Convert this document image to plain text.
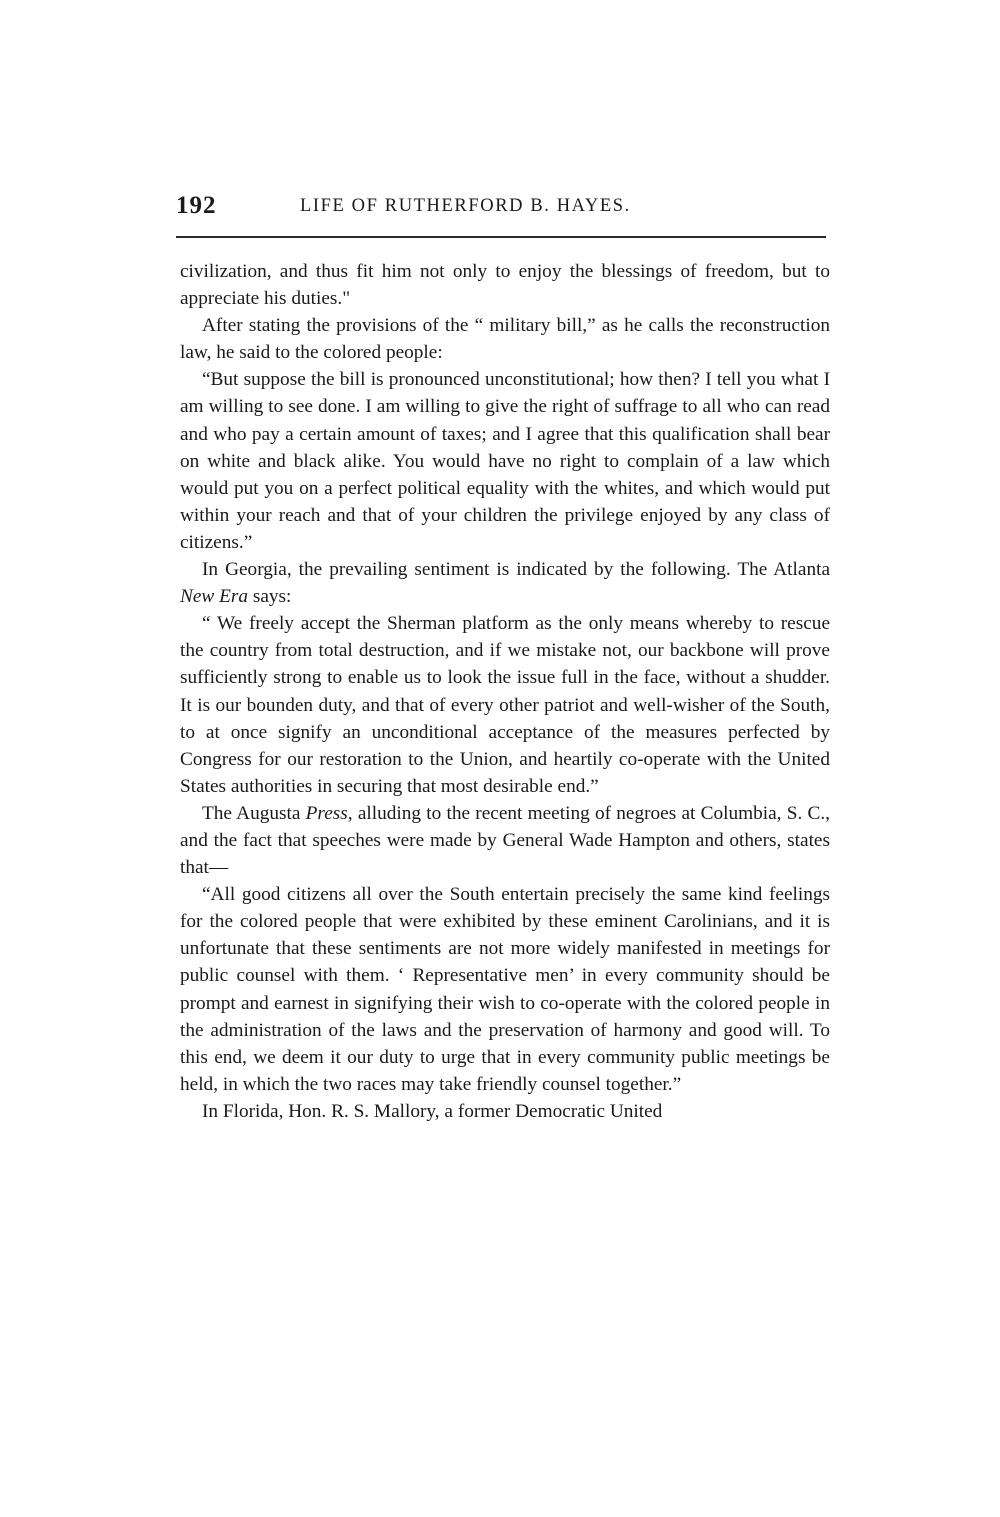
192	LIFE OF RUTHERFORD B. HAYES.

civilization, and thus fit him not only to enjoy the blessings of freedom, but to appreciate his duties."

After stating the provisions of the “ military bill,” as he calls the reconstruction law, he said to the colored people:

“But suppose the bill is pronounced unconstitutional; how then? I tell you what I am willing to see done. I am willing to give the right of suffrage to all who can read and who pay a certain amount of taxes; and I agree that this qualification shall bear on white and black alike. You would have no right to complain of a law which would put you on a perfect political equality with the whites, and which would put within your reach and that of your children the privilege enjoyed by any class of citizens.”

In Georgia, the prevailing sentiment is indicated by the following. The Atlanta New Era says:

“ We freely accept the Sherman platform as the only means whereby to rescue the country from total destruction, and if we mistake not, our backbone will prove sufficiently strong to enable us to look the issue full in the face, without a shudder. It is our bounden duty, and that of every other patriot and well-wisher of the South, to at once signify an unconditional acceptance of the measures perfected by Congress for our restoration to the Union, and heartily co-operate with the United States authorities in securing that most desirable end.”

The Augusta Press, alluding to the recent meeting of negroes at Columbia, S. C., and the fact that speeches were made by General Wade Hampton and others, states that—

“All good citizens all over the South entertain precisely the same kind feelings for the colored people that were exhibited by these eminent Carolinians, and it is unfortunate that these sentiments are not more widely manifested in meetings for public counsel with them. ‘ Representative men’ in every community should be prompt and earnest in signifying their wish to co-operate with the colored people in the administration of the laws and the preservation of harmony and good will. To this end, we deem it our duty to urge that in every community public meetings be held, in which the two races may take friendly counsel together.”

In Florida, Hon. R. S. Mallory, a former Democratic United
